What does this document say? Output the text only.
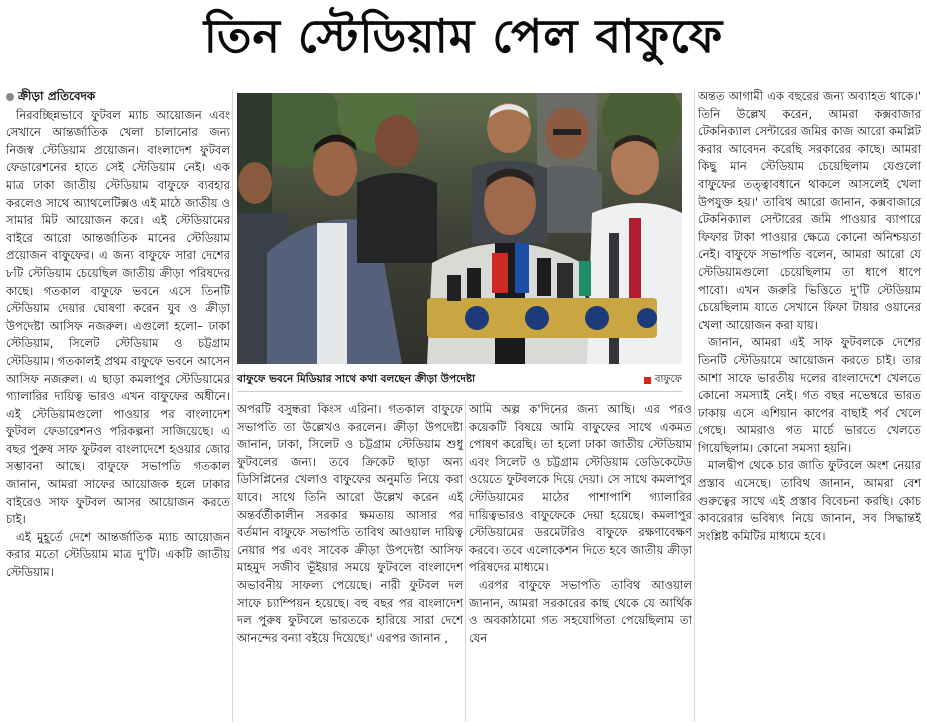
তিন স্টেডিয়াম পেল বাফুফে
ক্রীড়া প্রতিবেদক

নিরবচ্ছিন্নভাবে ফুটবল ম্যাচ আয়োজন এবং সেখানে আন্তর্জাতিক খেলা চালানোর জন্য নিজস্ব স্টেডিয়াম প্রয়োজন। বাংলাদেশ ফুটবল ফেডারেশনের হাতে সেই স্টেডিয়াম নেই। এক মাত্র ঢাকা জাতীয় স্টেডিয়াম বাফুফে ব্যবহার করলেও সাথে অ্যাথলেটিক্সও এই মাঠে জাতীয় ও সামার মিট আয়োজন করে। এই স্টেডিয়ামের বাইরে আরো আন্তর্জাতিক মানের স্টেডিয়াম প্রয়োজন বাফুফের। এ জন্য বাফুফে সারা দেশের ৮টি স্টেডিয়াম চেয়েছিল জাতীয় ক্রীড়া পরিষদের কাছে। গতকাল বাফুফে ভবনে এসে তিনটি স্টেডিয়াম দেয়ার ঘোষণা করেন যুব ও ক্রীড়া উপদেষ্টা আসিফ নজরুল। এগুলো হলো– ঢাকা স্টেডিয়াম, সিলেট স্টেডিয়াম ও চট্টগ্রাম স্টেডিয়াম। গতকালই প্রথম বাফুফে ভবনে আসেন আসিফ নজরুল। এ ছাড়া কমলাপুর স্টেডিয়ামের গ্যালারির দায়িত্ব ভারও এখন বাফুফের অধীনে। এই স্টেডিয়ামগুলো পাওয়ার পর বাংলাদেশ ফুটবল ফেডারেশনও পরিকল্পনা সাজিয়েছে। এ বছর পুরুষ সাফ ফুটবল বাংলাদেশে হওয়ার জোর সম্ভাবনা আছে। বাফুফে সভাপতি গতকাল জানান, আমরা সাফের আয়োজক হলে ঢাকার বাইরেও সাফ ফুটবল আসর আয়োজন করতে চাই।

এই মুহূর্তে দেশে আন্তর্জাতিক ম্যাচ আয়োজন করার মতো স্টেডিয়াম মাত্র দু'টি। একটি জাতীয় স্টেডিয়াম।

বাফুফে ভবনে মিডিয়ার সাথে কথা বলছেন ক্রীড়া উপদেষ্টা	বাফুফে

অপরটি বসুন্ধরা কিংস এরিনা। গতকাল বাফুফে সভাপতি তা উল্লেখও করলেন। ক্রীড়া উপদেষ্টা জানান, ঢাকা, সিলেট ও চট্টগ্রাম স্টেডিয়াম শুধু ফুটবলের জন্য। তবে ক্রিকেট ছাড়া অন্য ডিসিপ্লিনের খেলাও বাফুফের অনুমতি নিয়ে করা যাবে। সাথে তিনি আরো উল্লেখ করেন এই অন্তর্বর্তীকালীন সরকার ক্ষমতায় আসার পর বর্তমান বাফুফে সভাপতি তাবিথ আওয়াল দায়িত্ব নেয়ার পর এবং সাবেক ক্রীড়া উপদেষ্টা আসিফ মাহমুদ সজীব ভূঁইয়ার সময়ে ফুটবলে বাংলাদেশ অভাবনীয় সাফল্য পেয়েছে। নারী ফুটবল দল সাফে চ্যাম্পিয়ন হয়েছে। বহু বছর পর বাংলাদেশ দল পুরুষ ফুটবলে ভারতকে হারিয়ে সারা দেশে আনন্দের বন্যা বইয়ে দিয়েছে।' এরপর জানান ,

আমি অল্প ক'দিনের জন্য আছি। এর পরও কয়েকটি বিষয়ে আমি বাফুফের সাথে একমত পোষণ করেছি। তা হলো ঢাকা জাতীয় স্টেডিয়াম এবং সিলেট ও চট্টগ্রাম স্টেডিয়াম ডেডিকেটেড ওয়েতে ফুটবলকে দিয়ে দেয়া। সে সাথে কমলাপুর স্টেডিয়ামের মাঠের পাশাপাশি গ্যালারির দায়িত্বভারও বাফুফেকে দেয়া হয়েছে। কমলাপুর স্টেডিয়ামের ডরমেটরিও বাফুফে রক্ষণাবেক্ষণ করবে। তবে এলোকেশন দিতে হবে জাতীয় ক্রীড়া পরিষদের মাধ্যমে।

এরপর বাফুফে সভাপতি তাবিথ আওয়াল জানান, আমরা সরকারের কাছ থেকে যে আর্থিক ও অবকাঠামো গত সহযোগিতা পেয়েছিলাম তা যেন

অন্তত আগামী এক বছরের জন্য অব্যাহত থাকে।' তিনি উল্লেখ করেন, আমরা কক্সবাজার টেকনিক্যাল সেন্টারের জমির কাজ আরো কমপ্লিট করার আবেদন করেছি সরকারের কাছে। আমরা কিছু মান স্টেডিয়াম চেয়েছিলাম যেগুলো বাফুফের তত্ত্বাবধানে থাকলে আসলেই খেলা উপযুক্ত হয়।' তাবিথ আরো জানান, কক্সবাজারে টেকনিক্যাল সেন্টারের জমি পাওয়ার ব্যাপারে ফিফার টাকা পাওয়ার ক্ষেত্রে কোনো অনিশ্চয়তা নেই। বাফুফে সভাপতি বলেন, আমরা আরো যে স্টেডিয়ামগুলো চেয়েছিলাম তা ধাপে ধাপে পাবো। এখন জরুরি ভিত্তিতে দু'টি স্টেডিয়াম চেয়েছিলাম যাতে সেখানে ফিফা টায়ার ওয়ানের খেলা আয়োজন করা যায়।

জানান, আমরা এই সাফ ফুটবলকে দেশের তিনটি স্টেডিয়ামে আয়োজন করতে চাই। তার আশা সাফে ভারতীয় দলের বাংলাদেশে খেলতে কোনো সমস্যাই নেই। গত বছর নভেম্বরে ভারত ঢাকায় এসে এশিয়ান কাপের বাছাই পর্ব খেলে গেছে। আমরাও গত মার্চে ভারতে খেলতে গিয়েছিলাম। কোনো সমস্যা হয়নি।

মালদ্বীপ থেকে চার জাতি ফুটবলে অংশ নেয়ার প্রস্তাব এসেছে। তাবিথ জানান, আমরা বেশ গুরুত্বের সাথে এই প্রস্তাব বিবেচনা করছি। কোচ কাবরেরার ভবিষ্যৎ নিয়ে জানান, সব সিদ্ধান্তই সংশ্লিষ্ট কমিটির মাধ্যমে হবে।
